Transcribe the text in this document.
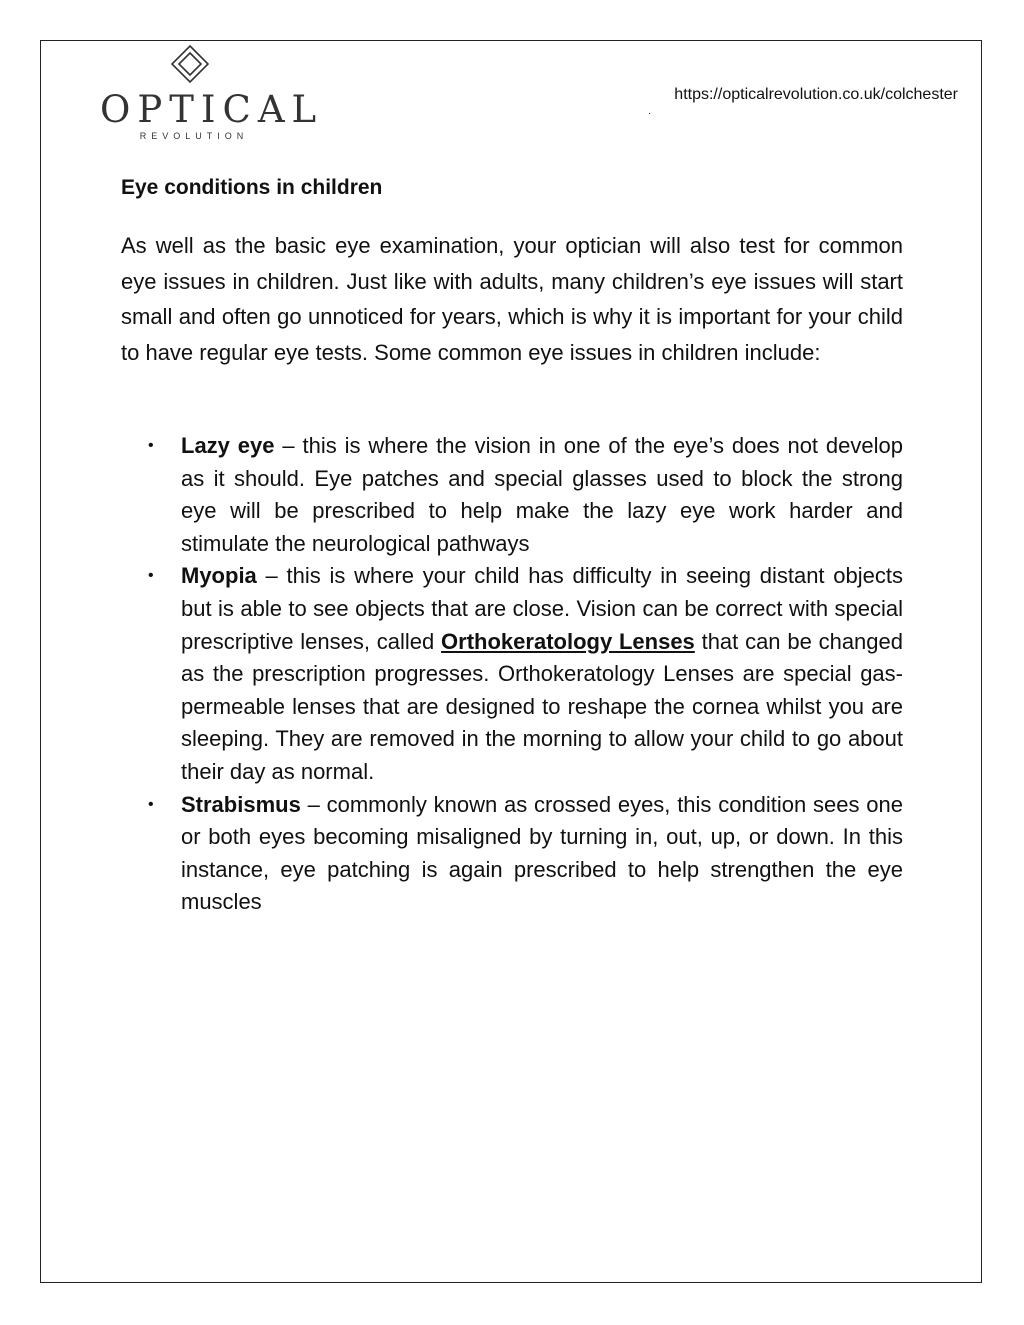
OPTICAL
REVOLUTION
https://opticalrevolution.co.uk/colchester
·
Eye conditions in children

As well as the basic eye examination, your optician will also test for common eye issues in children. Just like with adults, many children’s eye issues will start small and often go unnoticed for years, which is why it is important for your child to have regular eye tests. Some common eye issues in children include:

• Lazy eye – this is where the vision in one of the eye’s does not develop as it should. Eye patches and special glasses used to block the strong eye will be prescribed to help make the lazy eye work harder and stimulate the neurological pathways
• Myopia – this is where your child has difficulty in seeing distant objects but is able to see objects that are close. Vision can be correct with special prescriptive lenses, called Orthokeratology Lenses that can be changed as the prescription progresses. Orthokeratology Lenses are special gas-permeable lenses that are designed to reshape the cornea whilst you are sleeping. They are removed in the morning to allow your child to go about their day as normal.
• Strabismus – commonly known as crossed eyes, this condition sees one or both eyes becoming misaligned by turning in, out, up, or down. In this instance, eye patching is again prescribed to help strengthen the eye muscles
